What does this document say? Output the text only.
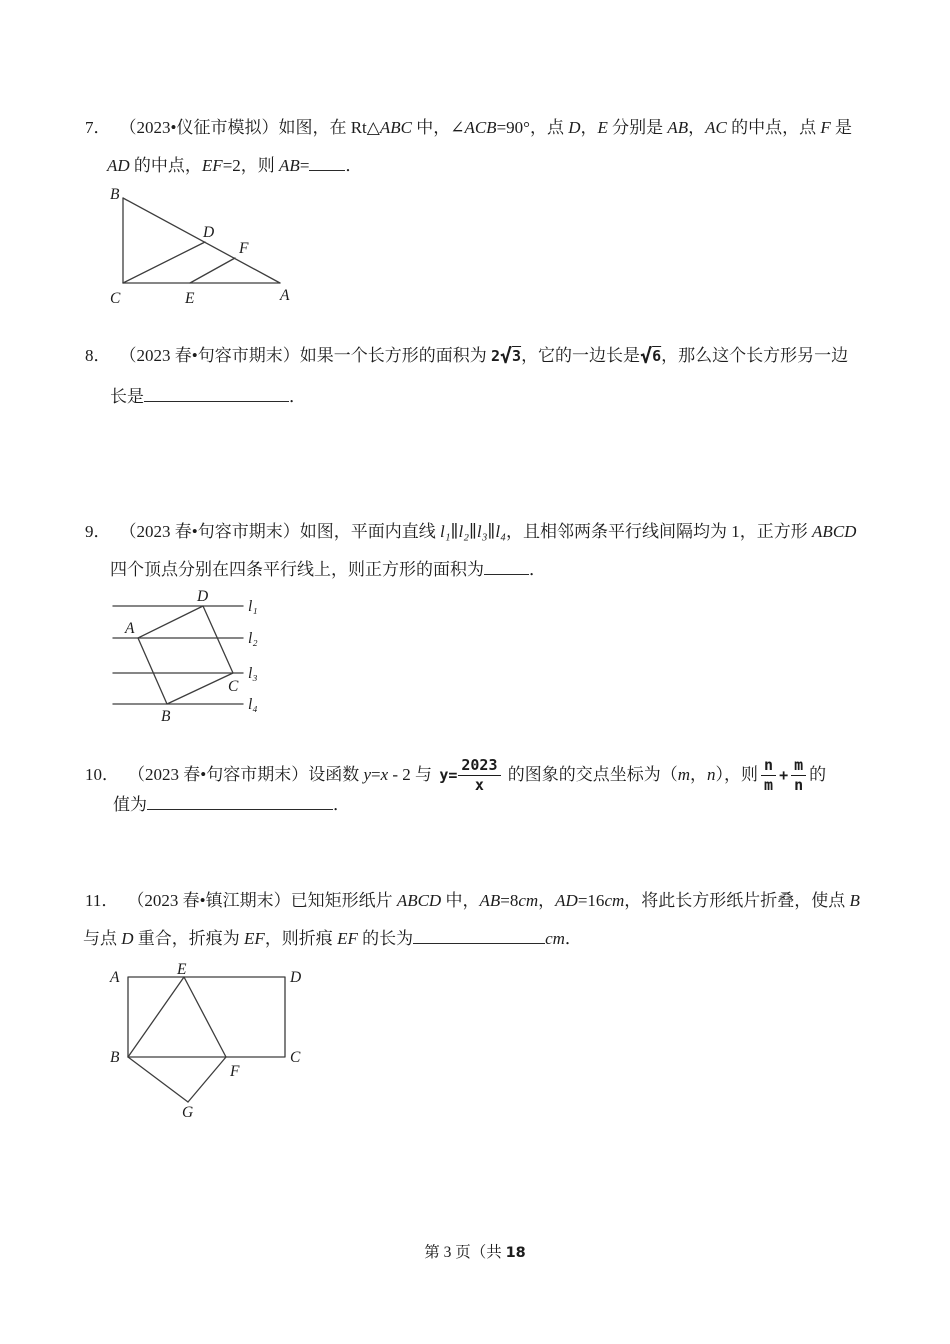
7． （2023•仪征市模拟）如图，在 Rt△ABC 中，∠ACB=90°，点 D，E 分别是 AB，AC 的中点，点 F 是
AD 的中点，EF=2，则 AB= ．
B
C	A
D
F
E
8． （2023 春•句容市期末）如果一个长方形的面积为 2√3，它的一边长是√6，那么这个长方形另一边
长是	．
9． （2023 春•句容市期末）如图，平面内直线 l₁∥l₂∥l₃∥l₄，且相邻两条平行线间隔均为 1，正方形 ABCD
四个顶点分别在四条平行线上，则正方形的面积为	．
D
A
C
B
l₁
l₂
l₃
l₄
10． （2023 春•句容市期末）设函数 y = x - 2 与 $y= \frac{2023}{x}$ 的图象的交点坐标为（ m ， n ），则 $\frac{n}{m} + \frac{m}{n}$ 的
值为	．
11． （2023 春•镇江期末）已知矩形纸片 ABCD 中，AB=8cm，AD=16cm，将此长方形纸片折叠，使点 B
与点 D 重合，折痕为 EF，则折痕 EF 的长为	cm．
A	E	D
B	C
F
G
第 3 页（共 18
